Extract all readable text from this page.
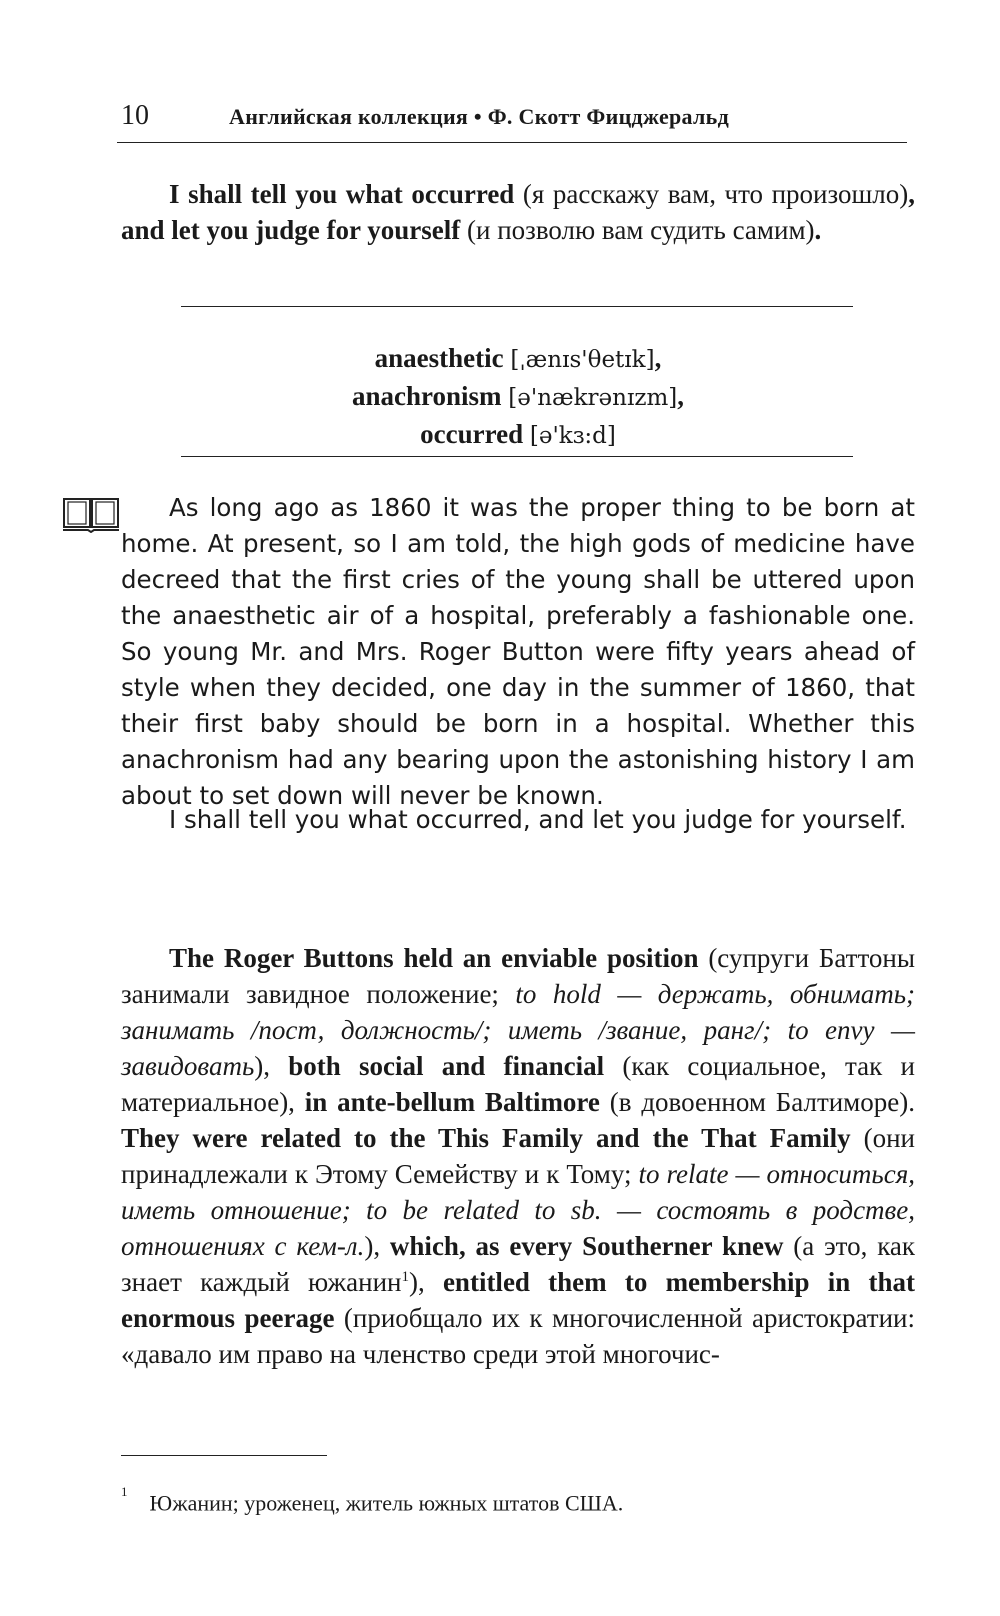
10	Английская коллекция • Ф. Скотт Фицджеральд
I shall tell you what occurred (я расскажу вам, что произошло), and let you judge for yourself (и позволю вам судить самим).
anaesthetic [ˌænɪs'θetɪk],
anachronism [ə'nækrənɪzm],
occurred [ə'kɜ:d]
As long ago as 1860 it was the proper thing to be born at home. At present, so I am told, the high gods of medicine have decreed that the first cries of the young shall be uttered upon the anaesthetic air of a hospital, preferably a fashionable one. So young Mr. and Mrs. Roger Button were fifty years ahead of style when they decided, one day in the summer of 1860, that their first baby should be born in a hospital. Whether this anachronism had any bearing upon the astonishing history I am about to set down will never be known.
I shall tell you what occurred, and let you judge for yourself.
The Roger Buttons held an enviable position (супруги Баттоны занимали завидное положение; to hold — держать, обнимать; занимать /пост, должность/; иметь /звание, ранг/; to envy — завидовать), both social and financial (как социальное, так и материальное), in ante-bellum Baltimore (в довоенном Балтиморе). They were related to the This Family and the That Family (они принадлежали к Этому Семейству и к Тому; to relate — относиться, иметь отношение; to be related to sb. — состоять в родстве, отношениях с кем-л.), which, as every Southerner knew (а это, как знает каждый южанин$^1$), entitled them to membership in that enormous peerage (приобщало их к многочисленной аристократии: «давало им право на членство среди этой многочис-
$^1$ Южанин; уроженец, житель южных штатов США.
